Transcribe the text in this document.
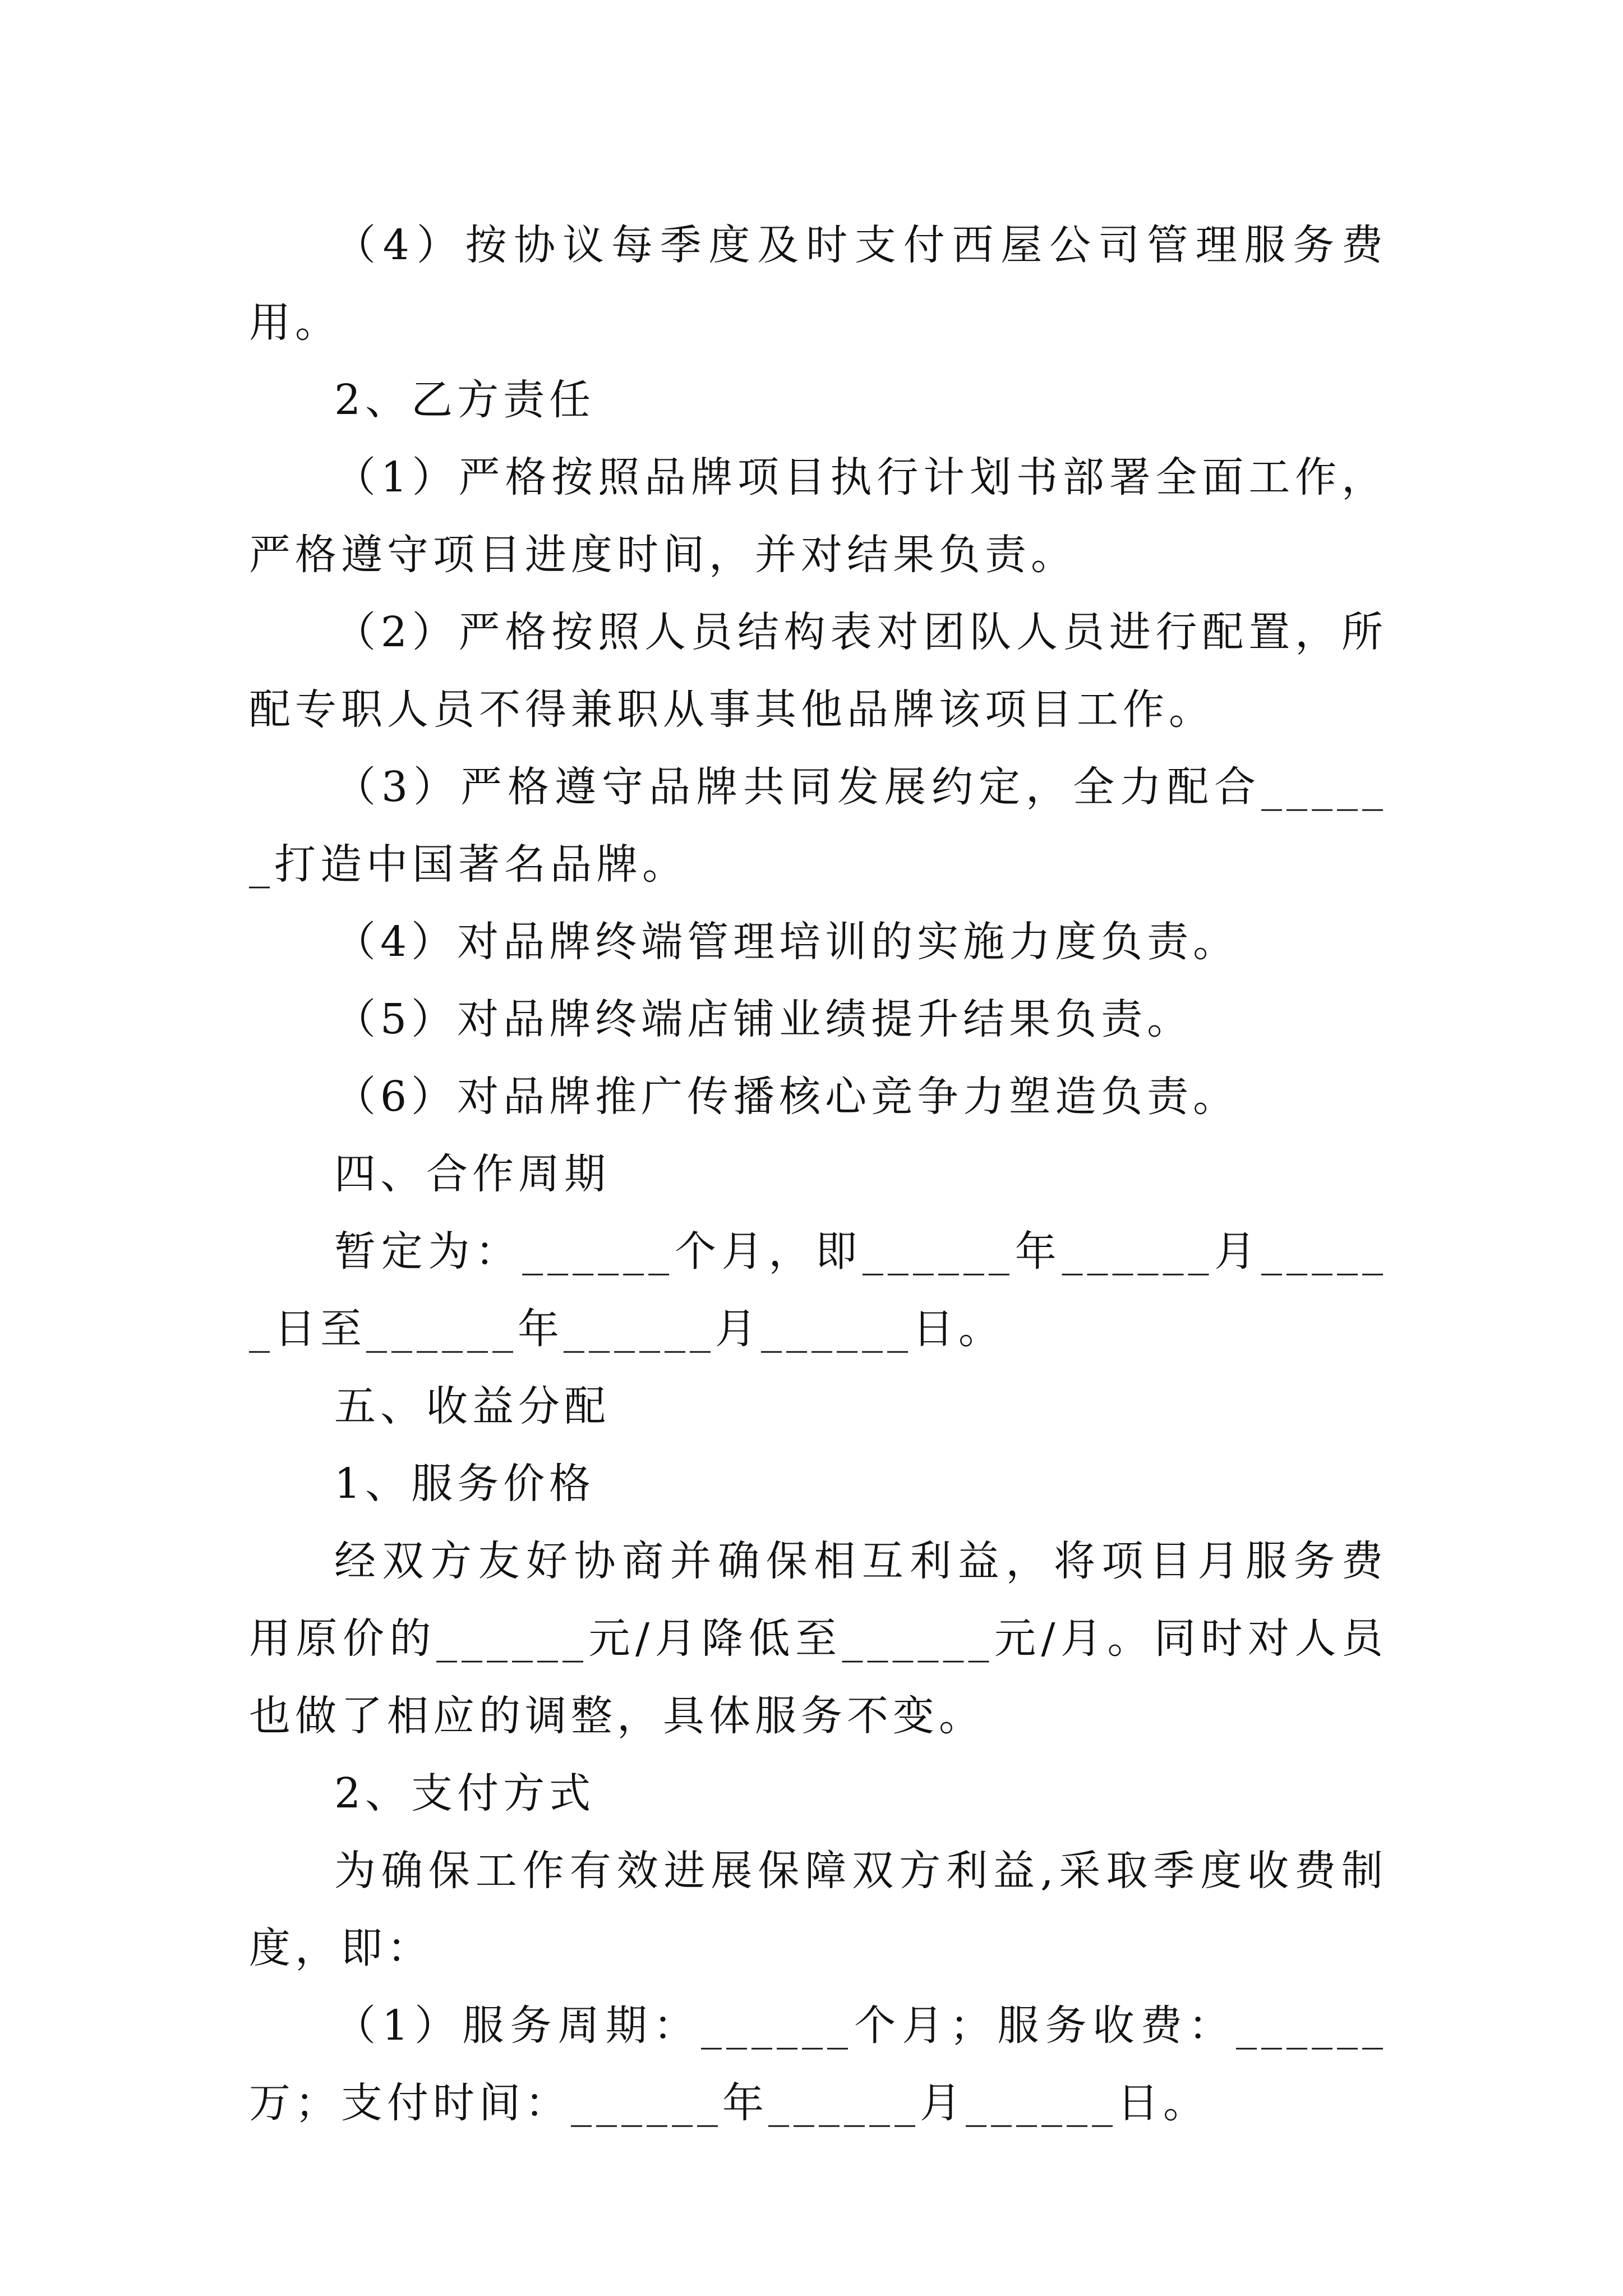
（4）按协议每季度及时支付西屋公司管理服务费用。

2、乙方责任

（1）严格按照品牌项目执行计划书部署全面工作，严格遵守项目进度时间，并对结果负责。

（2）严格按照人员结构表对团队人员进行配置，所配专职人员不得兼职从事其他品牌该项目工作。

（3）严格遵守品牌共同发展约定，全力配合______打造中国著名品牌。

（4）对品牌终端管理培训的实施力度负责。

（5）对品牌终端店铺业绩提升结果负责。

（6）对品牌推广传播核心竞争力塑造负责。

四、合作周期

暂定为：______个月，即______年______月______日至______年______月______日。

五、收益分配

1、服务价格

经双方友好协商并确保相互利益，将项目月服务费用原价的______元/月降低至______元/月。同时对人员也做了相应的调整，具体服务不变。

2、支付方式

为确保工作有效进展保障双方利益,采取季度收费制度，即：

（1）服务周期：______个月；服务收费：______万；支付时间：______年______月______日。
